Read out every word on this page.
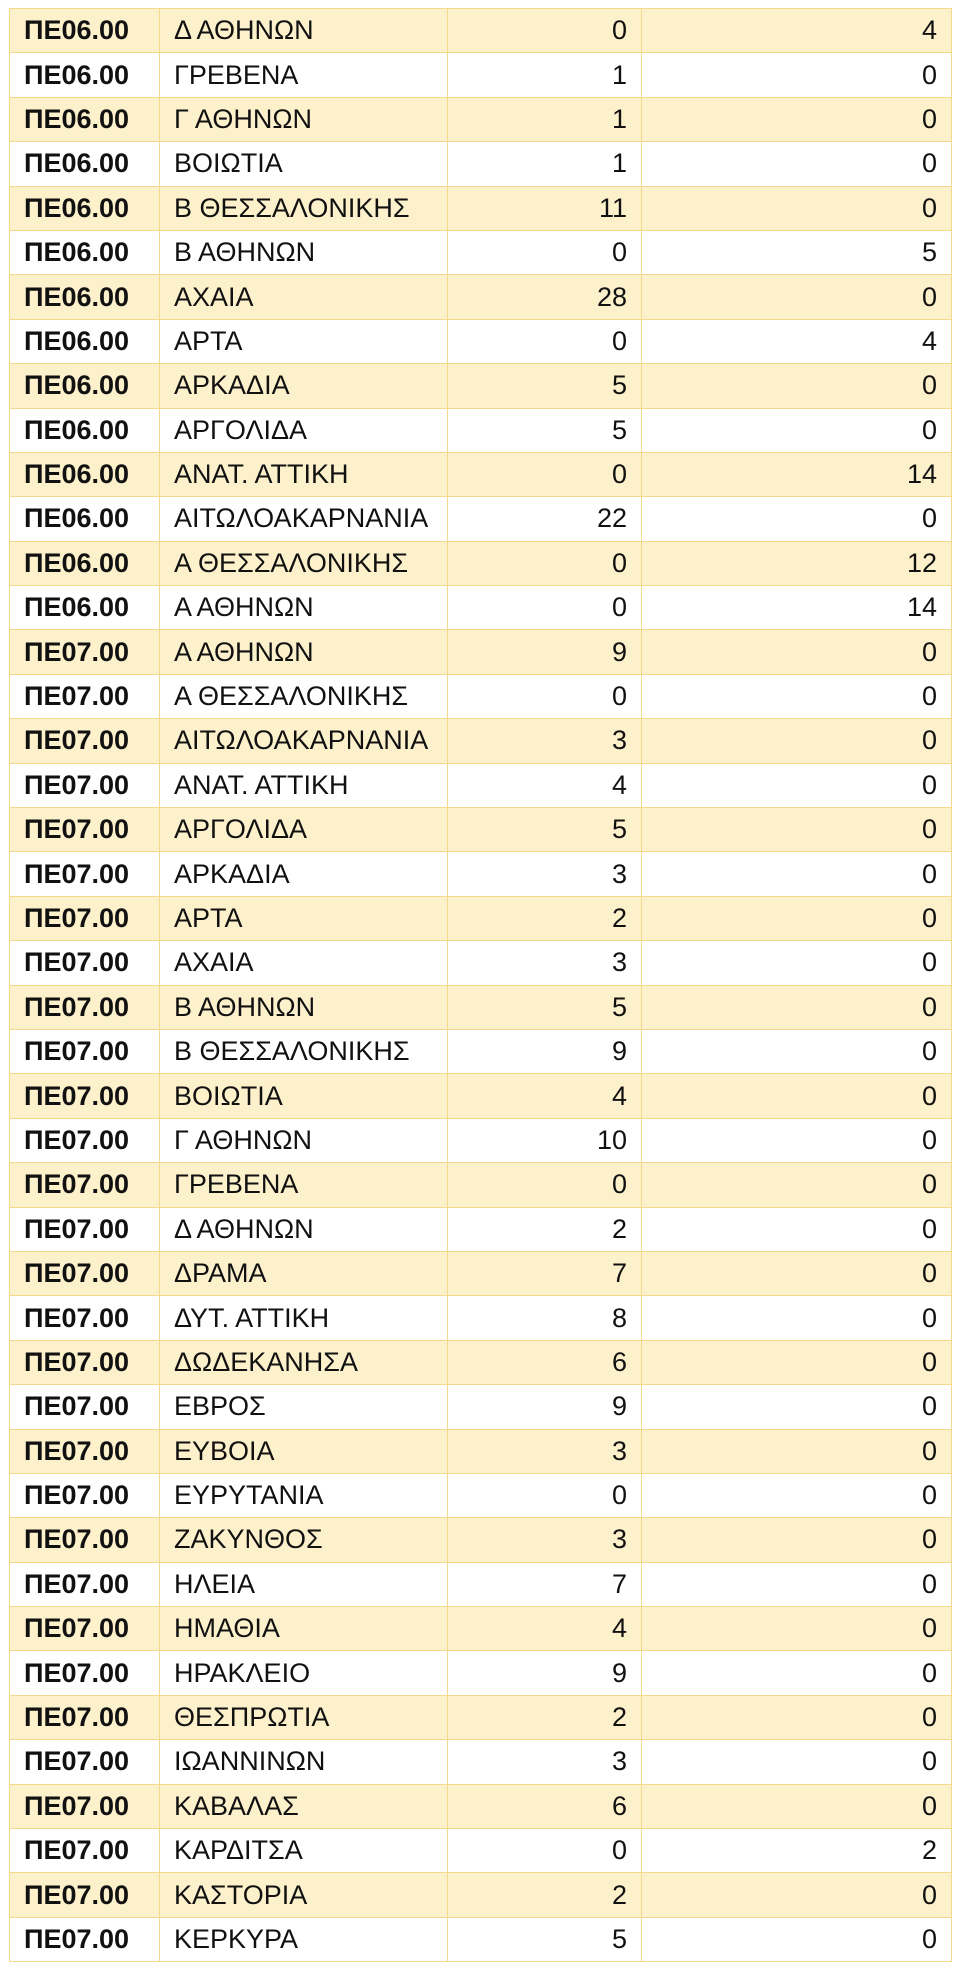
ΠΕ06.00	Δ ΑΘΗΝΩΝ	0	4
ΠΕ06.00	ΓΡΕΒΕΝΑ	1	0
ΠΕ06.00	Γ ΑΘΗΝΩΝ	1	0
ΠΕ06.00	ΒΟΙΩΤΙΑ	1	0
ΠΕ06.00	Β ΘΕΣΣΑΛΟΝΙΚΗΣ	11	0
ΠΕ06.00	Β ΑΘΗΝΩΝ	0	5
ΠΕ06.00	ΑΧΑΙΑ	28	0
ΠΕ06.00	ΑΡΤΑ	0	4
ΠΕ06.00	ΑΡΚΑΔΙΑ	5	0
ΠΕ06.00	ΑΡΓΟΛΙΔΑ	5	0
ΠΕ06.00	ΑΝΑΤ. ΑΤΤΙΚΗ	0	14
ΠΕ06.00	ΑΙΤΩΛΟΑΚΑΡΝΑΝΙΑ	22	0
ΠΕ06.00	Α ΘΕΣΣΑΛΟΝΙΚΗΣ	0	12
ΠΕ06.00	Α ΑΘΗΝΩΝ	0	14
ΠΕ07.00	Α ΑΘΗΝΩΝ	9	0
ΠΕ07.00	Α ΘΕΣΣΑΛΟΝΙΚΗΣ	0	0
ΠΕ07.00	ΑΙΤΩΛΟΑΚΑΡΝΑΝΙΑ	3	0
ΠΕ07.00	ΑΝΑΤ. ΑΤΤΙΚΗ	4	0
ΠΕ07.00	ΑΡΓΟΛΙΔΑ	5	0
ΠΕ07.00	ΑΡΚΑΔΙΑ	3	0
ΠΕ07.00	ΑΡΤΑ	2	0
ΠΕ07.00	ΑΧΑΙΑ	3	0
ΠΕ07.00	Β ΑΘΗΝΩΝ	5	0
ΠΕ07.00	Β ΘΕΣΣΑΛΟΝΙΚΗΣ	9	0
ΠΕ07.00	ΒΟΙΩΤΙΑ	4	0
ΠΕ07.00	Γ ΑΘΗΝΩΝ	10	0
ΠΕ07.00	ΓΡΕΒΕΝΑ	0	0
ΠΕ07.00	Δ ΑΘΗΝΩΝ	2	0
ΠΕ07.00	ΔΡΑΜΑ	7	0
ΠΕ07.00	ΔΥΤ. ΑΤΤΙΚΗ	8	0
ΠΕ07.00	ΔΩΔΕΚΑΝΗΣΑ	6	0
ΠΕ07.00	ΕΒΡΟΣ	9	0
ΠΕ07.00	ΕΥΒΟΙΑ	3	0
ΠΕ07.00	ΕΥΡΥΤΑΝΙΑ	0	0
ΠΕ07.00	ΖΑΚΥΝΘΟΣ	3	0
ΠΕ07.00	ΗΛΕΙΑ	7	0
ΠΕ07.00	ΗΜΑΘΙΑ	4	0
ΠΕ07.00	ΗΡΑΚΛΕΙΟ	9	0
ΠΕ07.00	ΘΕΣΠΡΩΤΙΑ	2	0
ΠΕ07.00	ΙΩΑΝΝΙΝΩΝ	3	0
ΠΕ07.00	ΚΑΒΑΛΑΣ	6	0
ΠΕ07.00	ΚΑΡΔΙΤΣΑ	0	2
ΠΕ07.00	ΚΑΣΤΟΡΙΑ	2	0
ΠΕ07.00	ΚΕΡΚΥΡΑ	5	0
